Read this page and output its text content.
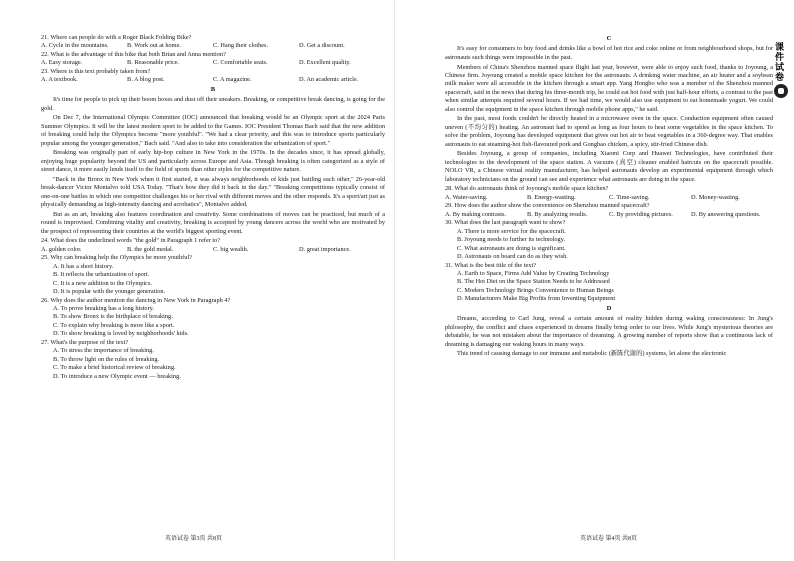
21. Where can people do with a Roger Black Folding Bike?

A. Cycle in the mountains.	B. Work out at home.	C. Hang their clothes.	D. Get a discount.

22. What is the advantage of this bike that both Brian and Anna mention?

A. Easy storage.	B. Reasonable price.	C. Comfortable seats.	D. Excellent quality.

23. Where is this text probably taken from?

A. A textbook.	B. A blog post.	C. A magazine.	D. An academic article.
B

It's time for people to pick up their boom boxes and dust off their sneakers. Breaking, or competitive break dancing, is going for the gold.

On Dec 7, the International Olympic Committee (IOC) announced that breaking would be an Olympic sport at the 2024 Paris Summer Olympics. It will be the latest modern sport to be added to the Games. IOC President Thomas Bach said that the new addition of breaking could help the Olympics become "more youthful". "We had a clear priority, and this was to introduce sports particularly popular among the younger generation," Bach said. "And also to take into consideration the urbanization of sport."

Breaking was originally part of early hip-hop culture in New York in the 1970s. In the decades since, it has spread globally, enjoying huge popularity beyond the US and particularly across Europe and Asia. Though breaking is often categorized as a style of street dance, it more easily lends itself to the field of sports than other styles for the competitive nature.

"Back in the Bronx in New York when it first started, it was always neighborhoods of kids just battling each other," 26-year-old break-dancer Victor Montalvo told USA Today. "That's how they did it back in the day." "Breaking competitions typically consist of one-on-one battles in which one competitor challenges his or her rival with different moves and the other responds. It's a sport/art just as physically demanding as high-intensity dancing and acrobatics", Montalvo added.

But as an art, breaking also features coordination and creativity. Some combinations of moves can be practiced, but much of a round is improvised. Combining vitality and creativity, breaking is accepted by young dancers across the world who are motivated by the prospect of representing their countries at the world's biggest sporting event.

24. What does the underlined words "the gold" in Paragraph 1 refer to?

A. golden color.	B. the gold medal.	C. big wealth.	D. great importance.

25. Why can breaking help the Olympics be more youthful?

A. It has a short history.

B. It reflects the urbanization of sport.

C. It is a new addition to the Olympics.

D. It is popular with the younger generation.

26. Why does the author mention the dancing in New York in Paragraph 4?

A. To prove breaking has a long history.

B. To show Bronx is the birthplace of breaking.

C. To explain why breaking is more like a sport.

D. To show breaking is loved by neighborhoods' kids.

27. What's the purpose of the text?

A. To stress the importance of breaking.

B. To throw light on the rules of breaking.

C. To make a brief historical review of breaking.

D. To introduce a new Olympic event — breaking.

英语试卷 第3页 共8页
C

It's easy for consumers to buy food and drinks like a bowl of hot rice and coke online or from neighbourhood shops, but for astronauts such things were impossible in the past.

Members of China's Shenzhou manned space flight last year, however, were able to enjoy such food, thanks to Joyoung, a Chinese firm. Joyoung created a mobile space kitchen for the astronauts. A drinking water machine, an air heater and a soybean milk maker were all accessible in the kitchen through a smart app. Yang Hongbo who was a member of the Shenzhou manned spacecraft, said in the news that during his three-month trip, he could eat hot food with just half-hour efforts, a contrast to the past when similar attempts required several hours. If we had time, we would also use equipment to eat homemade yogurt. We could also control the equipment in the space kitchen through mobile phone apps," he said.

In the past, most foods couldn't be directly heated in a microwave oven in the space. Conduction equipment often caused uneven (不均匀的) heating. An astronaut had to spend as long as four hours to heat some vegetables in the space kitchen. To solve the problem, Joyoung has developed equipment that gives out hot air to heat vegetables in a 360-degree way. That enables astronauts to eat steaming-hot fish-flavoured pork and Gongbao chicken, a spicy, stir-fried Chinese dish.

Besides Joyoung, a group of companies, including Xiaomi Corp and Huawei Technologies, have contributed their technologies to the development of the space station. A vacuum (真空) cleaner enabled haircuts on the spacecraft possible. NOLO VR, a Chinese virtual reality manufacturer, has helped astronauts develop an experimental equipment through which laboratory technicians on the ground can see and experience what astronauts are doing in the space.

28. What do astronauts think of Joyoung's mobile space kitchen?

A. Water-saving.	B. Energy-wasting.	C. Time-saving.	D. Money-wasting.

29. How does the author show the convenience on Shenzhou manned spacecraft?

A. By making contrasts.	B. By analyzing results.	C. By providing pictures.	D. By answering questions.

30. What does the last paragraph want to show?

A. There is more service for the spacecraft.

B. Joyoung needs to further its technology.

C. What astronauts are doing is significant.

D. Astronauts on board can do as they wish.

31. What is the best title of the text?

A. Earth to Space, Firms Add Value by Creating Technology

B. The Hot Diet on the Space Station Needs to be Addressed

C. Modern Technology Brings Convenience to Human Beings

D. Manufacturers Make Big Profits from Inventing Equipment

D

Dreams, according to Carl Jung, reveal a certain amount of reality hidden during waking consciousness: In Jung's philosophy, the conflict and chaos experienced in dreams finally bring order to our lives. While Jung's mysterious theories are debatable, he was not mistaken about the importance of dreaming. A growing number of reports show that a continuous lack of dreaming is damaging our waking hours in many ways.

This trend of causing damage to our immune and metabolic (新陈代谢的) systems, let alone the electronic

英语试卷 第4页 共8页
课件试卷
